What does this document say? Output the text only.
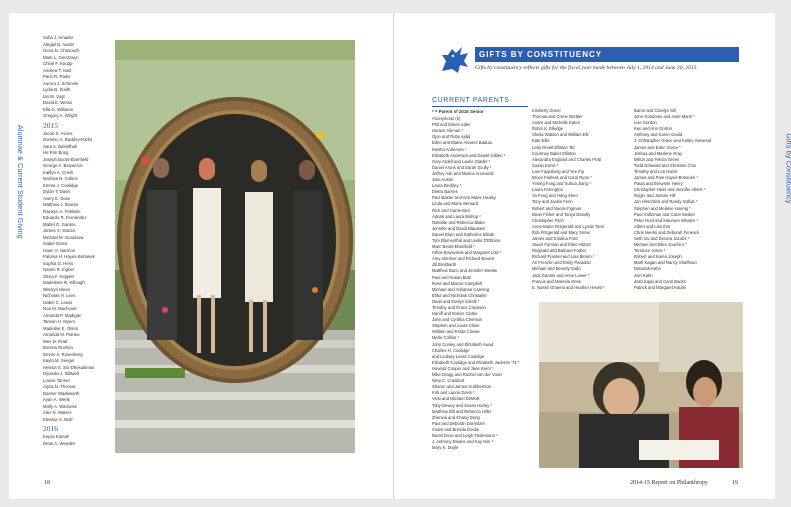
Alumnae & Current Student Giving
Sofia J. Amador
Abigail B. Austin
Giora N. Chasouch
Mark L. Gerstzwyn
Chloé F. Knupp
Andrew T. Katt
Paris R. Parks
Aurora J. Schmele
Lydia B. Smith
Ian M. Vogt
David E. Weiss
Ella G. Williams
Gregory A. Wright
2015
Jacob S. Avons
Dominic A. Backley-Parks
Sara A. Bekelthuk
He Rim Bong
Joseph Boots-Ebenfield
George A. Bouvieros
Kaitlyn A. Crierli
Morissa N. Collins
Emma J. Coolidge
Dylan T. Davis
Avery E. Dove
Matthew J. Downs
Raewyn A. Fehlisits
Eduardo R. Fernández
Mabel G. Gantos
James S. Garcia
Michael M. Goodnow
Isabel Grace
Isaac H. Harmon
Paloma H. Hayes-Bohanek
Sophia G. Hess
Naomi R. Ingber
Olivia F. Keppler
Madeleine R. Killough
Winslyn Kleen
Nicholas H. Lees
Isabel C. Lewis
Noa M. Machover
Amanda P. Madigan
Tamsin H. Myers
Madeline E. Olson
Amanda M. Poirieu
Wes D. Pratt
Brenna Rushon
Devon A. Rosenberg
Kayla M. Seegel
Helena S. Siu-Dhesultimas
Diyanda J. Stillwell
Louise Tanner
Alyza N. Thomas
Dasher Wadsworth
Ayan A. Werik
Molly A. Warnicke
Alec N. Waters
Eleanor A. Wolf
2016
Kepra Kamali
Dean A. Weeden
18
Gifts by Constituency
GIFTS BY CONSTITUENCY
Gifts by constituency reflects gifts for the fiscal year made between July 1, 2014 and June 30, 2015.
CURRENT PARENTS
* = Parent of 2015 Senior
Anonymous (6)
Phil and Eileen Adler
Horace Aikman *
Gjon and Ruby Ajdal
Eden and Blaine Alvarez Baduia
Keisha Anderson *
Elizabeth Anderson and Daniel Gilden *
Gary Ardell and Laurie Glader *
Daniel Arons and Sarah Scully *
Jeffrey Ash and Marica Aronowitz
Julia Austin
Laura Beckley *
Dietra Barnes
Paul Baxter and Ann Marie Healey
Linda and Marie Bernard
Rich and Carrie Bird
Adrian and Laura Bishop *
Nobolite and Rebecca Blake
Jennifer and David Blaustein
Daniel Blum and Katherine Blinde
Tom Blumenthal and Leslie D'Ebbins
Marc Boots-Ebenfield *
Athos Bousvaros and Margaret Lotz *
Amy Abelove and Richard Bowen
Jill Breitbarth
Matthew Bunn and Jennifer Weeks
Paul and Susan Butz
Ross and Marcie Campbell
Michael and Adrianne Canning
Erika and Nicholas Christakis
Dean and Evelyn Cirielli *
Timothy and Grace Clackson
Haniff and Rosen Clarke
John and Cynthia Clemson
Stephen and Laura Close
William and Krista Clouse
Merle Collins *
John Conley and Elizabeth Awad
Charles H. Coolidge
and Lindsay Leard Coolidge
Elizabeth Coolidge and Elizabeth Jackson '74 *
Howard Cooper and Jane Karol *
Mike Dragg and Rachel van der Voort
Neta C. Crawford
Sharon and James Cuthbertson
Kirk and Laurie Davis *
Vicki and Michael DeMott
Toby Dewey and Susan Horley *
Matthew Dill and Rebecca Hiller
Zhenxia and Chang Dong
Paul and Deborah Dormitzer
Andre and Brenda Dostie
David Dove and Leigh Tiedemann *
J. Anthony Downs and Kay Kim *
Mary K. Doyle
Kimberly Dreier
Thomas and Corrie Drettler
Andre and Michelle Eaton
Robin K. Elledge
Sheila Watson and William Elk
Kate Ellis
Leila Ornell Elliston '80
Courtney Baker Elliston
Alexandra England and Charles Pratt
Susan Ennis *
Lars Fagerberg and Yee Fip
Bruce Fairless and Carol Ryan *
Yiming Fang and Suhua Jiang *
Laura Farrington
Ya Feng and Hong Shen
Tony and Jackie Fenn
Robert and Naomi Figman
Dean Fisher and Tanya Donelly
Christopher Fitch
Anne-Marie Fitzgerald and Lynda Tocci
Rob Fitzgerald and Mary Snow
James and Cristina Ford
Stuart Forman and Ellen Hitzrot
Reginald and Barbara Forber
Richard Frankel and Lisa Bloom *
Ari Frenzen and Emily Paradiso
Michael and Beverly Gallo
Jack Gantos and Anne Lower *
Francis and Marcela Gess
E. Nassir Ghaemi and Heather Hewitt *
Baron and Carolyn Gill
John Goodnow and June Monk *
Lise Gordon
Ken and Ann Gorton
Anthony and Karen Gould
J. Christopher Grace and Kelley Harwood
James and Eden Grace *
Joshua and Marlene Gray
Milton and Felicia Green
Todd Griswold and Christine Chin
Timothy and Lori Harris
James and Pam Hayes-Bohanek *
Paula and Brewster Henry
Christopher Hess and Jennifer Albert *
Roger and Joanne Hill
Jon Hirschtick and Randy Gollub *
Stephen and Melanie Hoenig *
Paul Holtzman and Carol Steiber
Peter Hunt and Maureen Whalen *
Albert and Lisa Ihm
Chris Iwerks and Deborah Fenwick
Seth Izu and Devora Jacobs *
Michael and Ellen Joachim *
Terrance Jones *
Robert and Karen Joseph
Mark Kagan and Nancy Shaffman
Deborah Kahn
Joel Kahn
Josh Kapp and Carol Backs
Patrick and Margaret Käufer
2014-15 Report on Philanthropy	19
